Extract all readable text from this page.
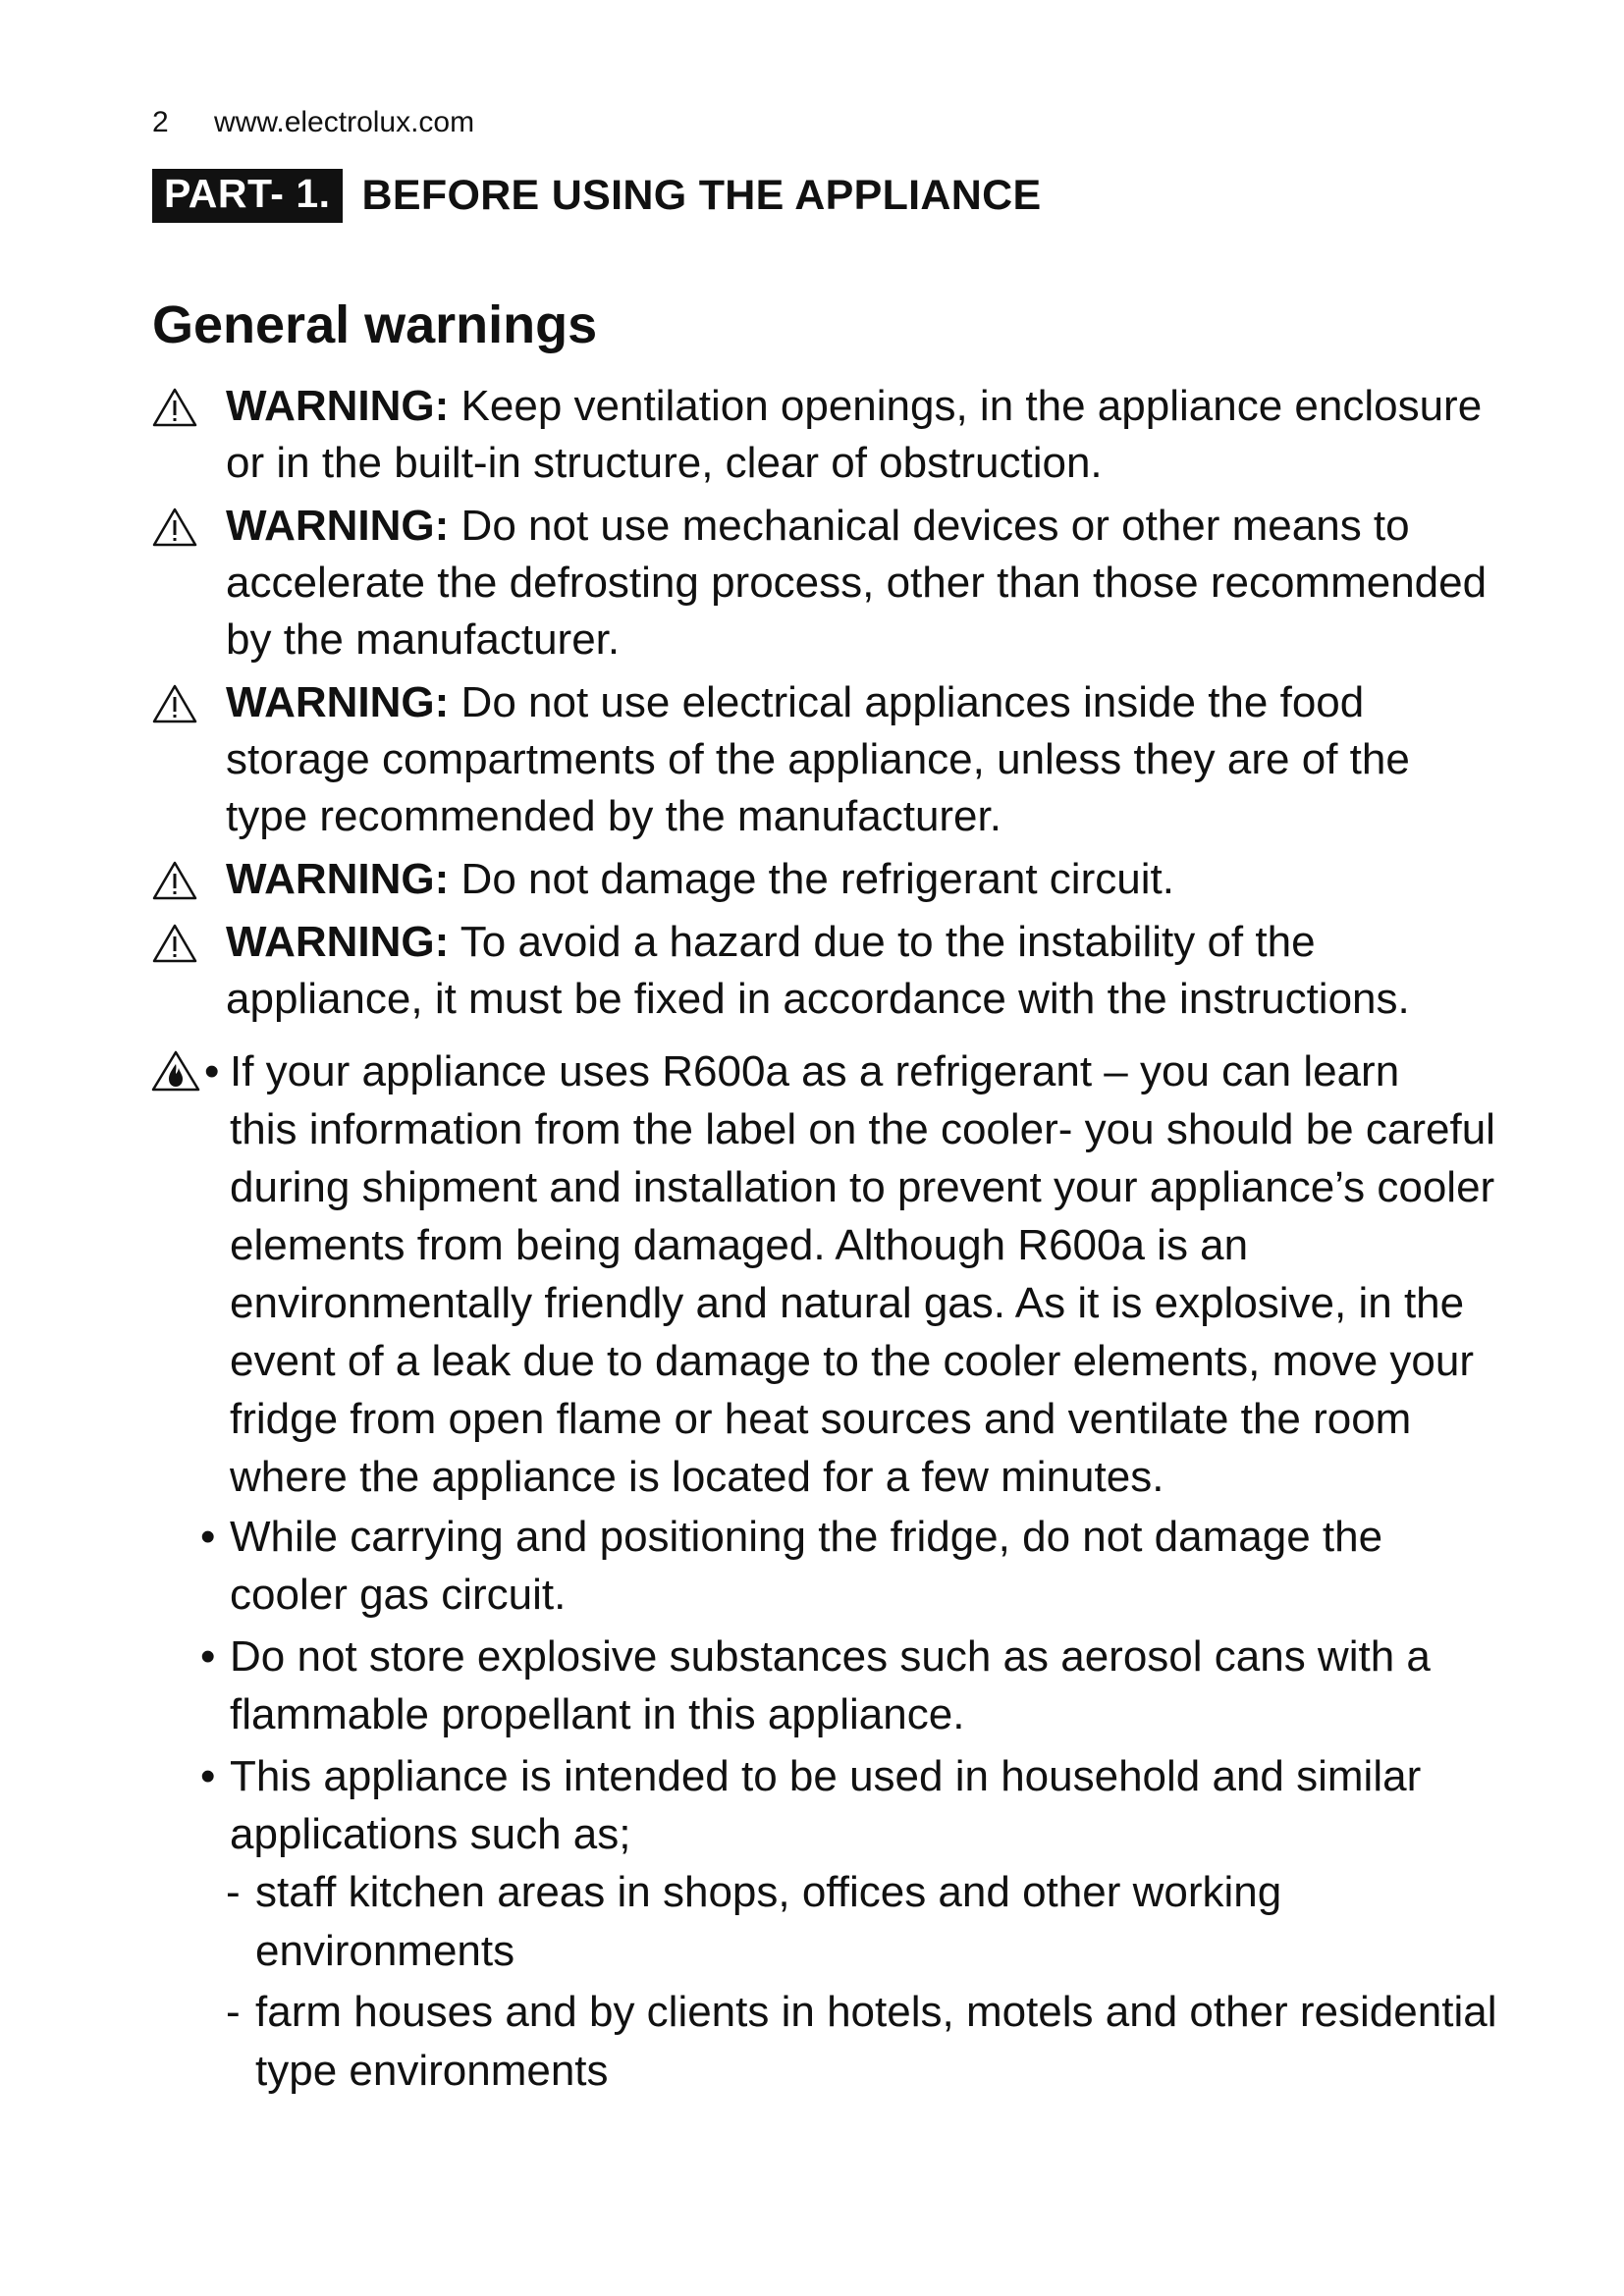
2 www.electrolux.com
PART- 1. BEFORE USING THE APPLIANCE
General warnings
WARNING: Keep ventilation openings, in the appliance enclosure
or in the built-in structure, clear of obstruction.
WARNING: Do not use mechanical devices or other means to
accelerate the defrosting process, other than those recommended
by the manufacturer.
WARNING: Do not use electrical appliances inside the food
storage compartments of the appliance, unless they are of the
type recommended by the manufacturer.
WARNING: Do not damage the refrigerant circuit.
WARNING: To avoid a hazard due to the instability of the
appliance, it must be fixed in accordance with the instructions.
• If your appliance uses R600a as a refrigerant – you can learn
this information from the label on the cooler- you should be careful
during shipment and installation to prevent your appliance’s cooler
elements from being damaged. Although R600a is an
environmentally friendly and natural gas. As it is explosive, in the
event of a leak due to damage to the cooler elements, move your
fridge from open flame or heat sources and ventilate the room
where the appliance is located for a few minutes.
• While carrying and positioning the fridge, do not damage the
cooler gas circuit.
• Do not store explosive substances such as aerosol cans with a
flammable propellant in this appliance.
• This appliance is intended to be used in household and similar
applications such as;
- staff kitchen areas in shops, offices and other working
environments
- farm houses and by clients in hotels, motels and other residential
type environments
